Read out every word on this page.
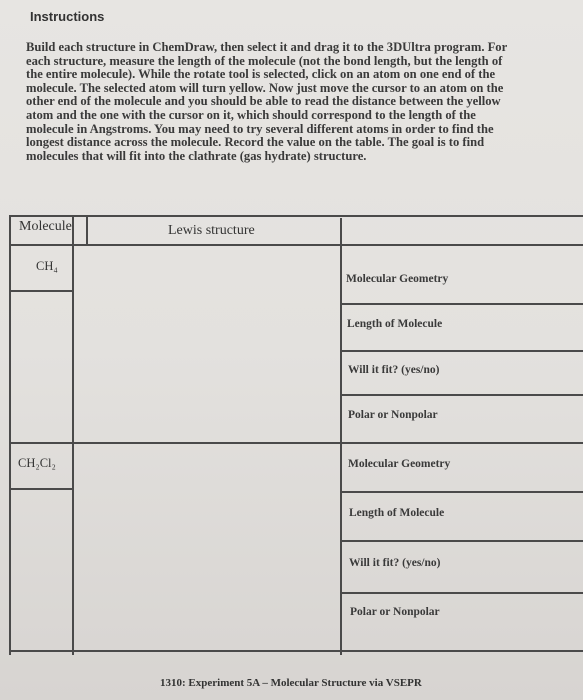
Instructions
Build each structure in ChemDraw, then select it and drag it to the 3DUltra program. For
each structure, measure the length of the molecule (not the bond length, but the length of
the entire molecule). While the rotate tool is selected, click on an atom on one end of the
molecule. The selected atom will turn yellow. Now just move the cursor to an atom on the
other end of the molecule and you should be able to read the distance between the yellow
atom and the one with the cursor on it, which should correspond to the length of the
molecule in Angstroms. You may need to try several different atoms in order to find the
longest distance across the molecule. Record the value on the table. The goal is to find
molecules that will fit into the clathrate (gas hydrate) structure.
Molecule	Lewis structure
CH₄
Molecular Geometry
Length of Molecule
Will it fit? (yes/no)
Polar or Nonpolar
CH₂Cl₂	Molecular Geometry
Length of Molecule
Will it fit? (yes/no)
Polar or Nonpolar
1310: Experiment 5A – Molecular Structure via VSEPR
